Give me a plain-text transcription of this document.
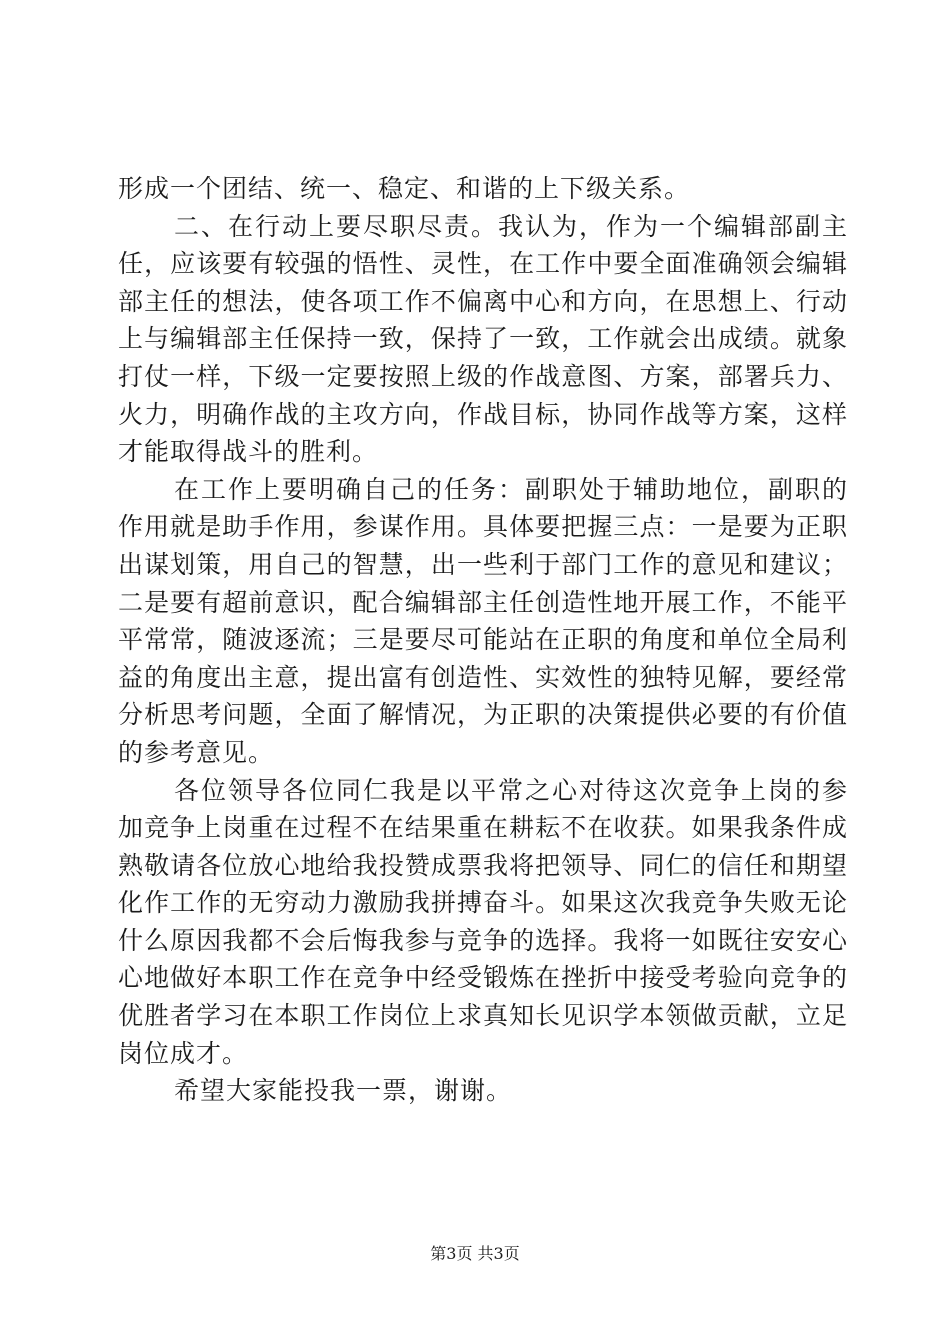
形成一个团结、统一、稳定、和谐的上下级关系。

二、在行动上要尽职尽责。我认为，作为一个编辑部副主任，应该要有较强的悟性、灵性，在工作中要全面准确领会编辑部主任的想法，使各项工作不偏离中心和方向，在思想上、行动上与编辑部主任保持一致，保持了一致，工作就会出成绩。就象打仗一样，下级一定要按照上级的作战意图、方案，部署兵力、火力，明确作战的主攻方向，作战目标，协同作战等方案，这样才能取得战斗的胜利。

在工作上要明确自己的任务：副职处于辅助地位，副职的作用就是助手作用，参谋作用。具体要把握三点：一是要为正职出谋划策，用自己的智慧，出一些利于部门工作的意见和建议；二是要有超前意识，配合编辑部主任创造性地开展工作，不能平平常常，随波逐流；三是要尽可能站在正职的角度和单位全局利益的角度出主意，提出富有创造性、实效性的独特见解，要经常分析思考问题，全面了解情况，为正职的决策提供必要的有价值的参考意见。

各位领导各位同仁我是以平常之心对待这次竞争上岗的参加竞争上岗重在过程不在结果重在耕耘不在收获。如果我条件成熟敬请各位放心地给我投赞成票我将把领导、同仁的信任和期望化作工作的无穷动力激励我拼搏奋斗。如果这次我竞争失败无论什么原因我都不会后悔我参与竞争的选择。我将一如既往安安心心地做好本职工作在竞争中经受锻炼在挫折中接受考验向竞争的优胜者学习在本职工作岗位上求真知长见识学本领做贡献，立足岗位成才。

希望大家能投我一票，谢谢。

第3页 共3页
